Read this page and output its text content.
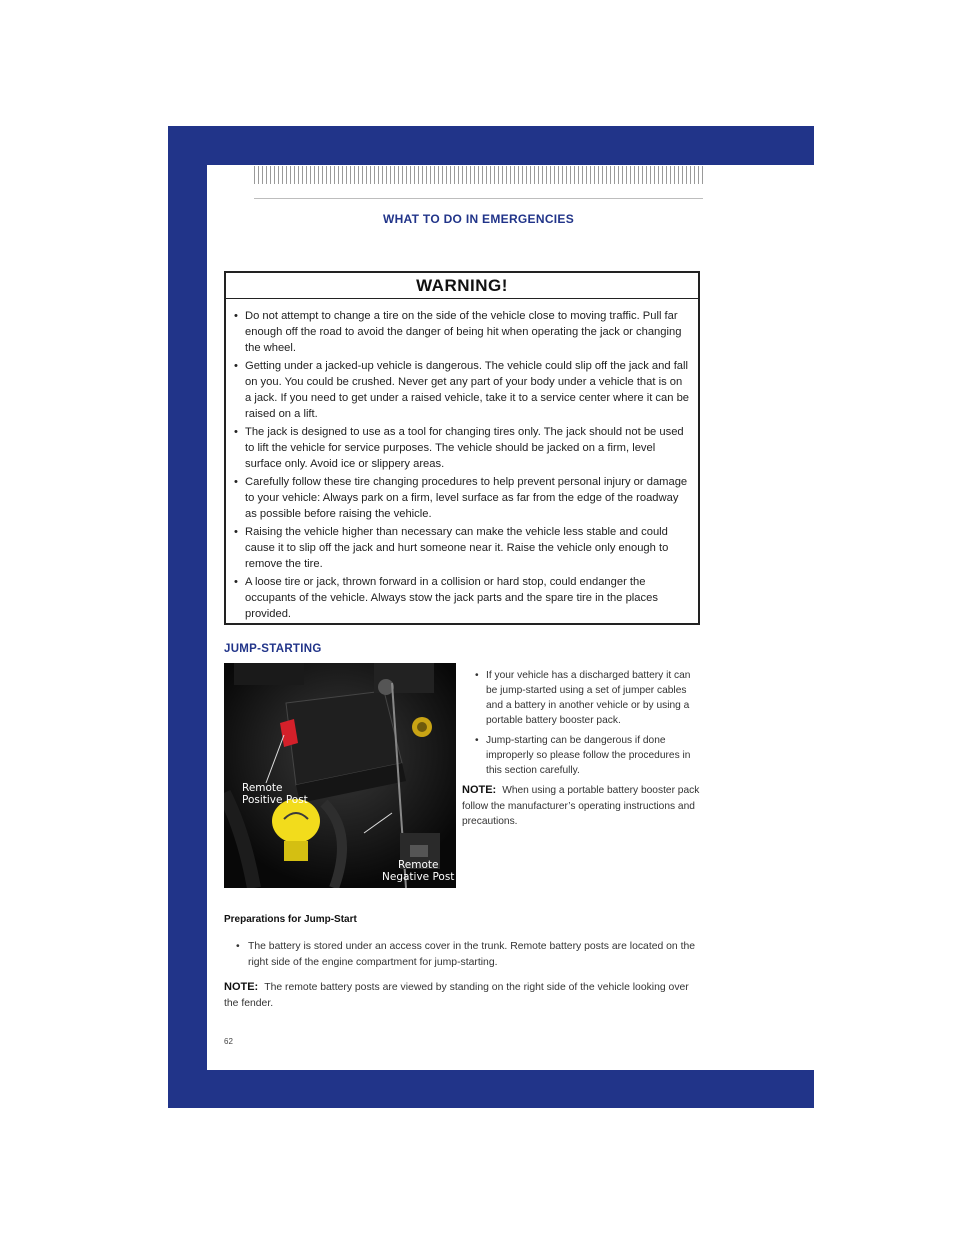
WHAT TO DO IN EMERGENCIES
WARNING!
• Do not attempt to change a tire on the side of the vehicle close to moving traffic. Pull far enough off the road to avoid the danger of being hit when operating the jack or changing the wheel.
• Getting under a jacked-up vehicle is dangerous. The vehicle could slip off the jack and fall on you. You could be crushed. Never get any part of your body under a vehicle that is on a jack. If you need to get under a raised vehicle, take it to a service center where it can be raised on a lift.
• The jack is designed to use as a tool for changing tires only. The jack should not be used to lift the vehicle for service purposes. The vehicle should be jacked on a firm, level surface only. Avoid ice or slippery areas.
• Carefully follow these tire changing procedures to help prevent personal injury or damage to your vehicle: Always park on a firm, level surface as far from the edge of the roadway as possible before raising the vehicle.
• Raising the vehicle higher than necessary can make the vehicle less stable and could cause it to slip off the jack and hurt someone near it. Raise the vehicle only enough to remove the tire.
• A loose tire or jack, thrown forward in a collision or hard stop, could endanger the occupants of the vehicle. Always stow the jack parts and the spare tire in the places provided.
JUMP-STARTING
Remote
Positive Post
Remote
Negative Post
• If your vehicle has a discharged battery it can be jump-started using a set of jumper cables and a battery in another vehicle or by using a portable battery booster pack.
• Jump-starting can be dangerous if done improperly so please follow the procedures in this section carefully.
NOTE: When using a portable battery booster pack follow the manufacturer’s operating instructions and precautions.
Preparations for Jump-Start
• The battery is stored under an access cover in the trunk. Remote battery posts are located on the right side of the engine compartment for jump-starting.
NOTE: The remote battery posts are viewed by standing on the right side of the vehicle looking over the fender.
62
